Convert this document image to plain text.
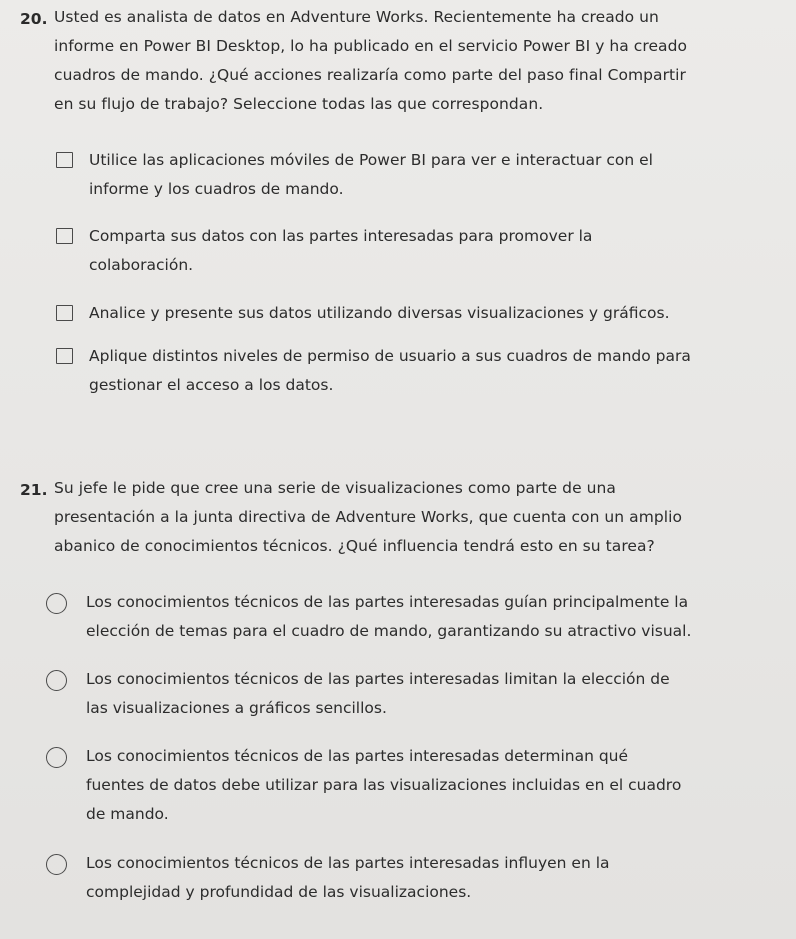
20. Usted es analista de datos en Adventure Works. Recientemente ha creado un
informe en Power BI Desktop, lo ha publicado en el servicio Power BI y ha creado
cuadros de mando. ¿Qué acciones realizaría como parte del paso final Compartir
en su flujo de trabajo? Seleccione todas las que correspondan.
Utilice las aplicaciones móviles de Power BI para ver e interactuar con el
informe y los cuadros de mando.
Comparta sus datos con las partes interesadas para promover la
colaboración.
Analice y presente sus datos utilizando diversas visualizaciones y gráficos.
Aplique distintos niveles de permiso de usuario a sus cuadros de mando para
gestionar el acceso a los datos.
21. Su jefe le pide que cree una serie de visualizaciones como parte de una
presentación a la junta directiva de Adventure Works, que cuenta con un amplio
abanico de conocimientos técnicos. ¿Qué influencia tendrá esto en su tarea?
Los conocimientos técnicos de las partes interesadas guían principalmente la
elección de temas para el cuadro de mando, garantizando su atractivo visual.
Los conocimientos técnicos de las partes interesadas limitan la elección de
las visualizaciones a gráficos sencillos.
Los conocimientos técnicos de las partes interesadas determinan qué
fuentes de datos debe utilizar para las visualizaciones incluidas en el cuadro
de mando.
Los conocimientos técnicos de las partes interesadas influyen en la
complejidad y profundidad de las visualizaciones.
